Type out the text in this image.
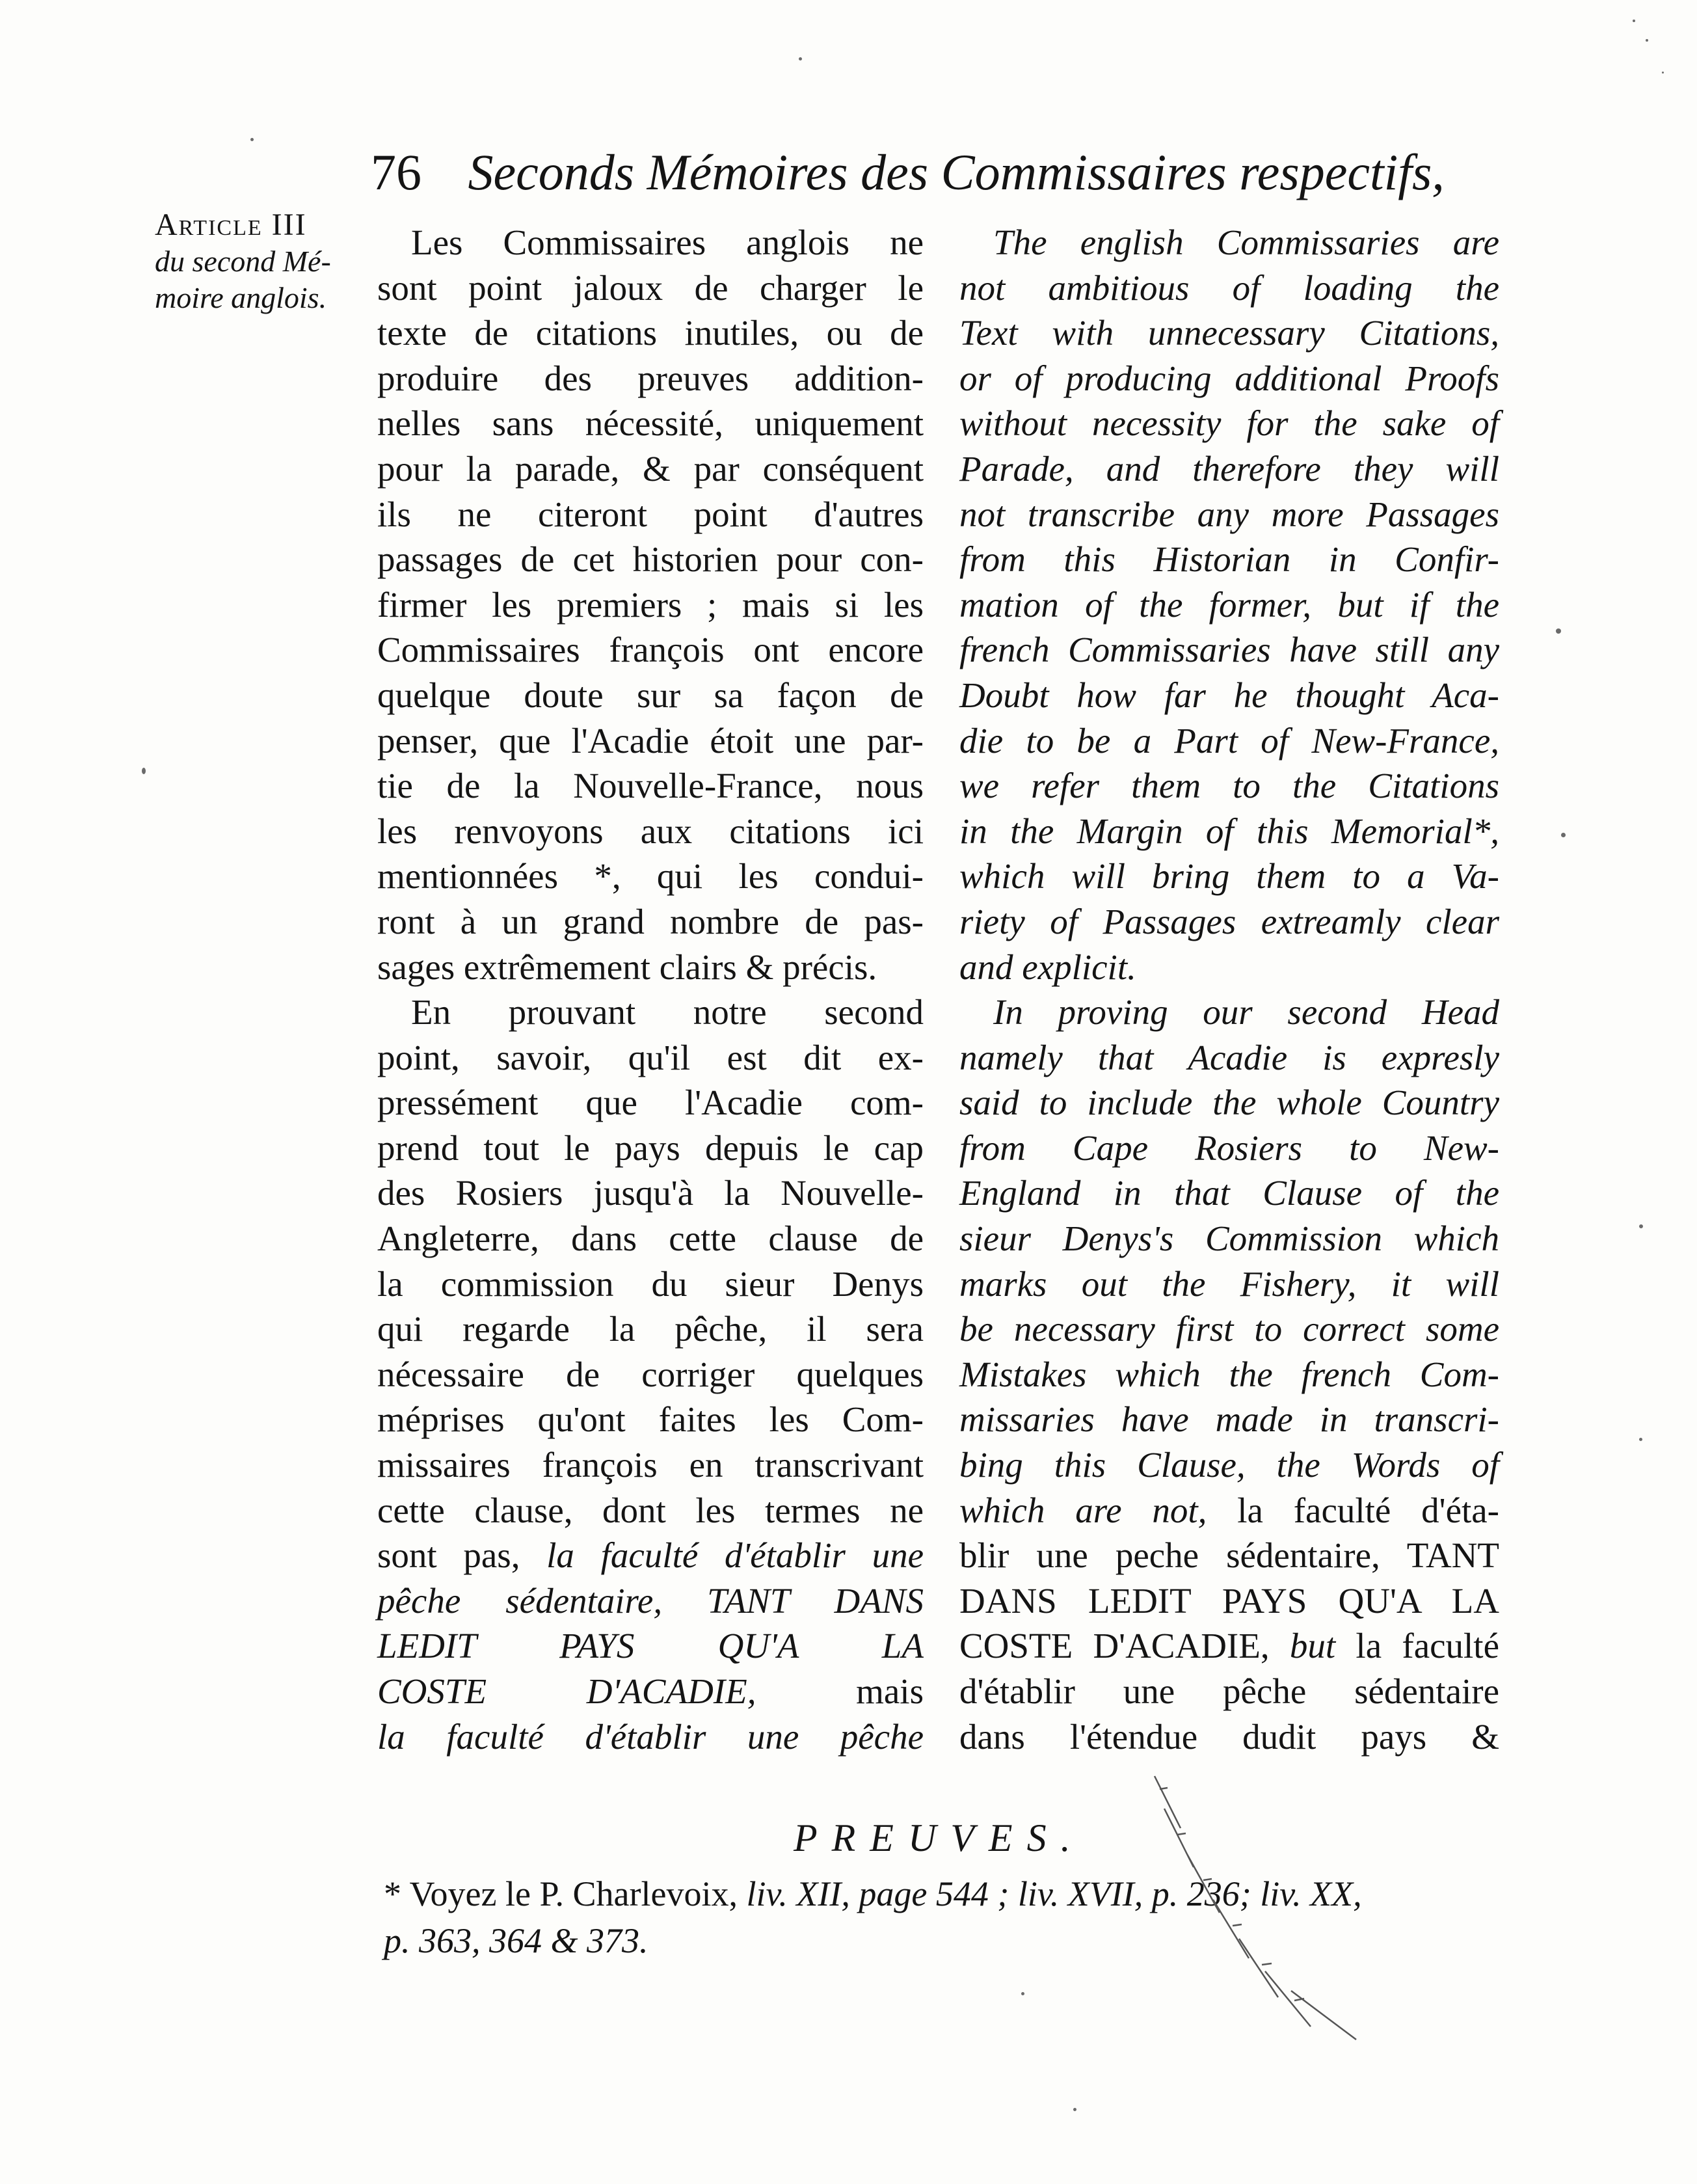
76 Seconds Mémoires des Commissaires respectifs,
Article III
du second Mé-
moire anglois.
Les Commissaires anglois ne
sont point jaloux de charger le
texte de citations inutiles, ou de
produire des preuves addition-
nelles sans nécessité, uniquement
pour la parade, & par conséquent
ils ne citeront point d'autres
passages de cet historien pour con-
firmer les premiers ; mais si les
Commissaires françois ont encore
quelque doute sur sa façon de
penser, que l'Acadie étoit une par-
tie de la Nouvelle-France, nous
les renvoyons aux citations ici
mentionnées *, qui les condui-
ront à un grand nombre de pas-
sages extrêmement clairs & précis.
En prouvant notre second
point, savoir, qu'il est dit ex-
pressément que l'Acadie com-
prend tout le pays depuis le cap
des Rosiers jusqu'à la Nouvelle-
Angleterre, dans cette clause de
la commission du sieur Denys
qui regarde la pêche, il sera
nécessaire de corriger quelques
méprises qu'ont faites les Com-
missaires françois en transcrivant
cette clause, dont les termes ne
sont pas, la faculté d'établir une
pêche sédentaire, TANT DANS
LEDIT PAYS QU'A LA
COSTE D'ACADIE, mais
la faculté d'établir une pêche
The english Commissaries are
not ambitious of loading the
Text with unnecessary Citations,
or of producing additional Proofs
without necessity for the sake of
Parade, and therefore they will
not transcribe any more Passages
from this Historian in Confir-
mation of the former, but if the
french Commissaries have still any
Doubt how far he thought Aca-
die to be a Part of New-France,
we refer them to the Citations
in the Margin of this Memorial*,
which will bring them to a Va-
riety of Passages extreamly clear
and explicit.
In proving our second Head
namely that Acadie is expresly
said to include the whole Country
from Cape Rosiers to New-
England in that Clause of the
sieur Denys's Commission which
marks out the Fishery, it will
be necessary first to correct some
Mistakes which the french Com-
missaries have made in transcri-
bing this Clause, the Words of
which are not, la faculté d'éta-
blir une peche sédentaire, TANT
DANS LEDIT PAYS QU'A LA
COSTE D'ACADIE, but la faculté
d'établir une pêche sédentaire
dans l'étendue dudit pays &
PREUVES.
* Voyez le P. Charlevoix, liv. XII, page 544 ; liv. XVII, p. 236; liv. XX,
p. 363, 364 & 373.
